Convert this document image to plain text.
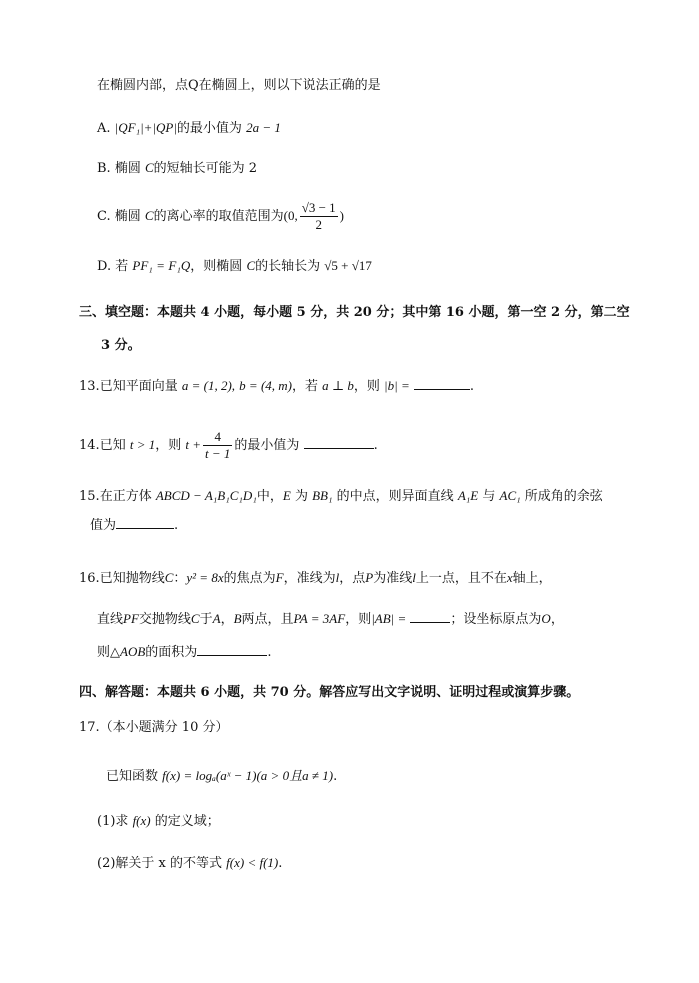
在椭圆内部，点Q在椭圆上，则以下说法正确的是
A. |QF₁|+|QP|的最小值为 2a − 1
B. 椭圆 C的短轴长可能为 2
C. 椭圆 C的离心率的取值范围为(0, $\frac{√3 - 1}{2}$ )
D. 若 PF₁ = F₁Q，则椭圆 C的长轴长为 √5 + √17
三、填空题：本题共 4 小题，每小题 5 分，共 20 分；其中第 16 小题，第一空 2 分，第二空
3 分。
13.已知平面向量 a = (1, 2), b = (4, m)，若 a ⊥ b，则 |b| =	.
14.已知 t > 1，则 $t + \frac{4}{t - 1}$ 的最小值为	.
15.在正方体 ABCD − A₁B₁C₁D₁中，E 为 BB₁ 的中点，则异面直线 A₁E 与 AC₁ 所成角的余弦
值为	.
16.已知抛物线C：y² = 8x的焦点为F，准线为l，点P为准线l上一点，且不在x轴上，
直线PF交抛物线C于A，B两点，且PA = 3AF，则|AB| =	；设坐标原点为O，
则△AOB的面积为	.
四、解答题：本题共 6 小题，共 70 分。解答应写出文字说明、证明过程或演算步骤。
17.（本小题满分 10 分）
已知函数 f(x) = logₐ(aˣ − 1)(a > 0且a ≠ 1).
(1)求 f(x) 的定义域；
(2)解关于 x 的不等式 f(x) < f(1).
